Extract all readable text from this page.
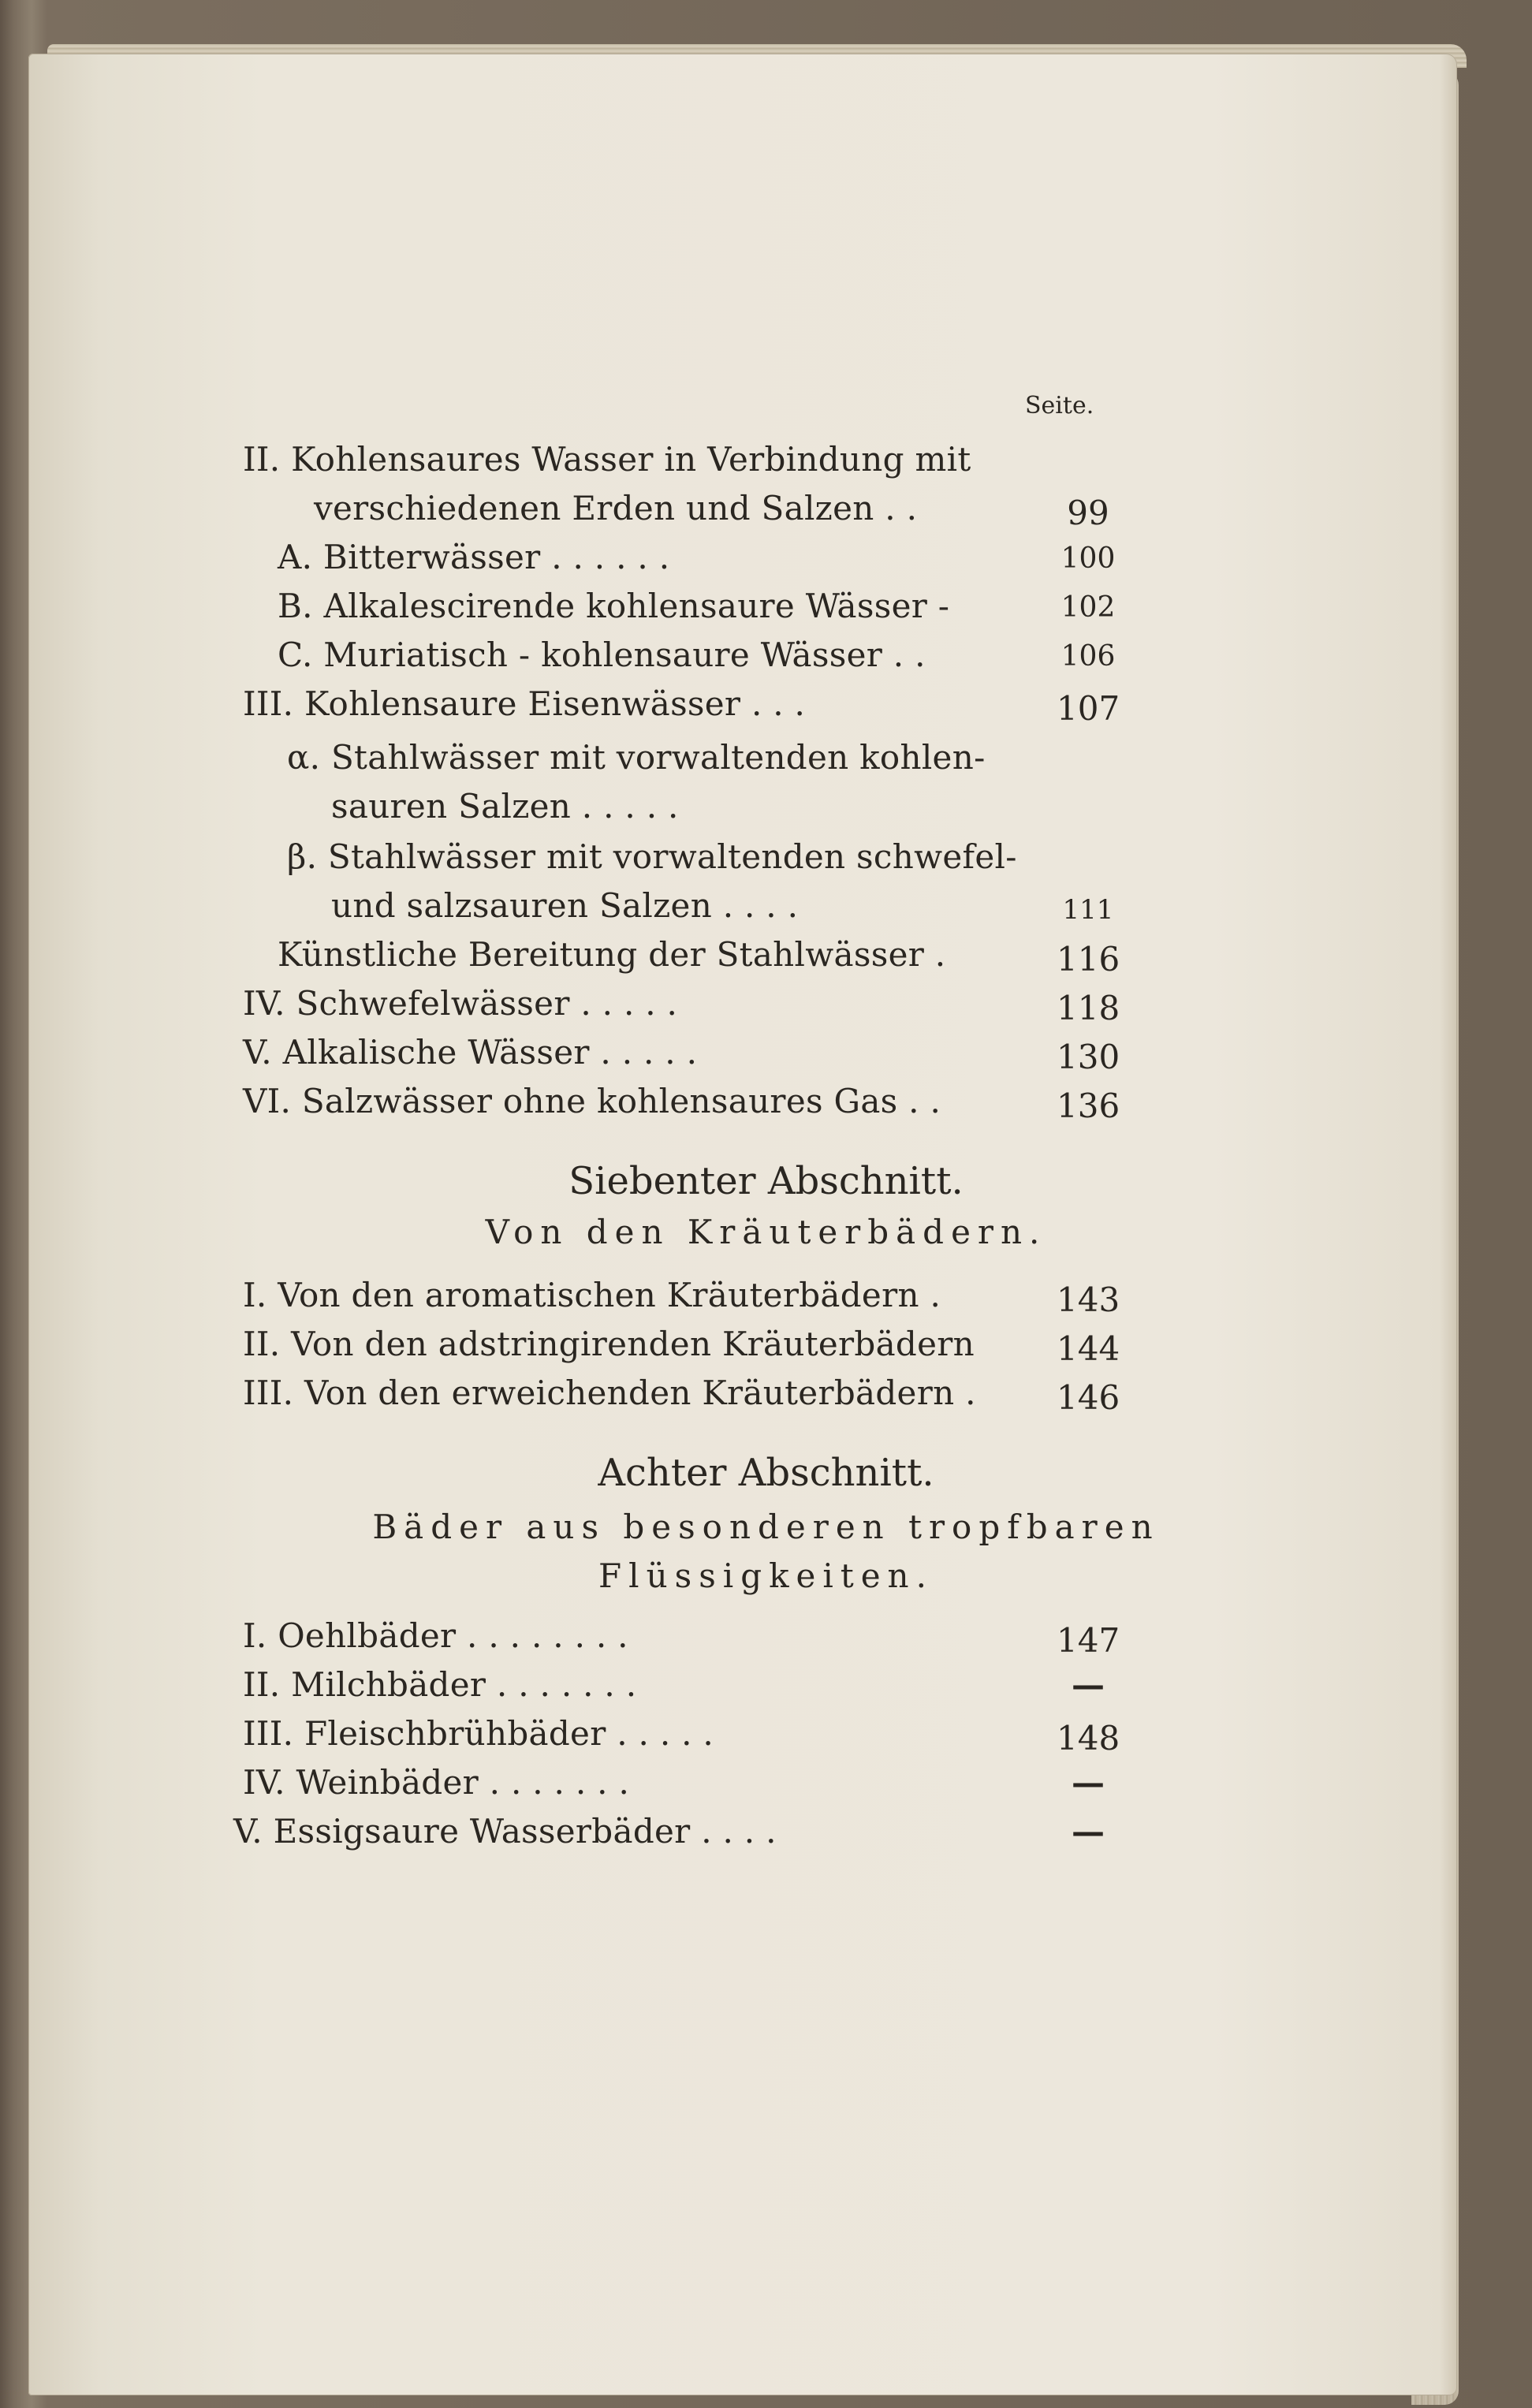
Seite.
II. Kohlensaures Wasser in Verbindung mit
verschiedenen Erden und Salzen . .	99
A. Bitterwässer . . . . . .	100
B. Alkalescirende kohlensaure Wässer -	102
C. Muriatisch - kohlensaure Wässer . .	106
III. Kohlensaure Eisenwässer . . .	107
α. Stahlwässer mit vorwaltenden kohlen-
sauren Salzen . . . . .
β. Stahlwässer mit vorwaltenden schwefel-
und salzsauren Salzen . . . .	111
Künstliche Bereitung der Stahlwässer .	116
IV. Schwefelwässer . . . . .	118
V. Alkalische Wässer . . . . .	130
VI. Salzwässer ohne kohlensaures Gas . .	136
Siebenter Abschnitt.
Von den Kräuterbädern.
I. Von den aromatischen Kräuterbädern .	143
II. Von den adstringirenden Kräuterbädern 144
III. Von den erweichenden Kräuterbädern . 146
Achter Abschnitt.
Bäder aus besonderen tropfbaren
Flüssigkeiten.
I. Oehlbäder . . . . . . . .	147
II. Milchbäder . . . . . . .	—
III. Fleischbrühbäder . . . . .	148
IV. Weinbäder . . . . . . .	—
V. Essigsaure Wasserbäder . . . .	—
